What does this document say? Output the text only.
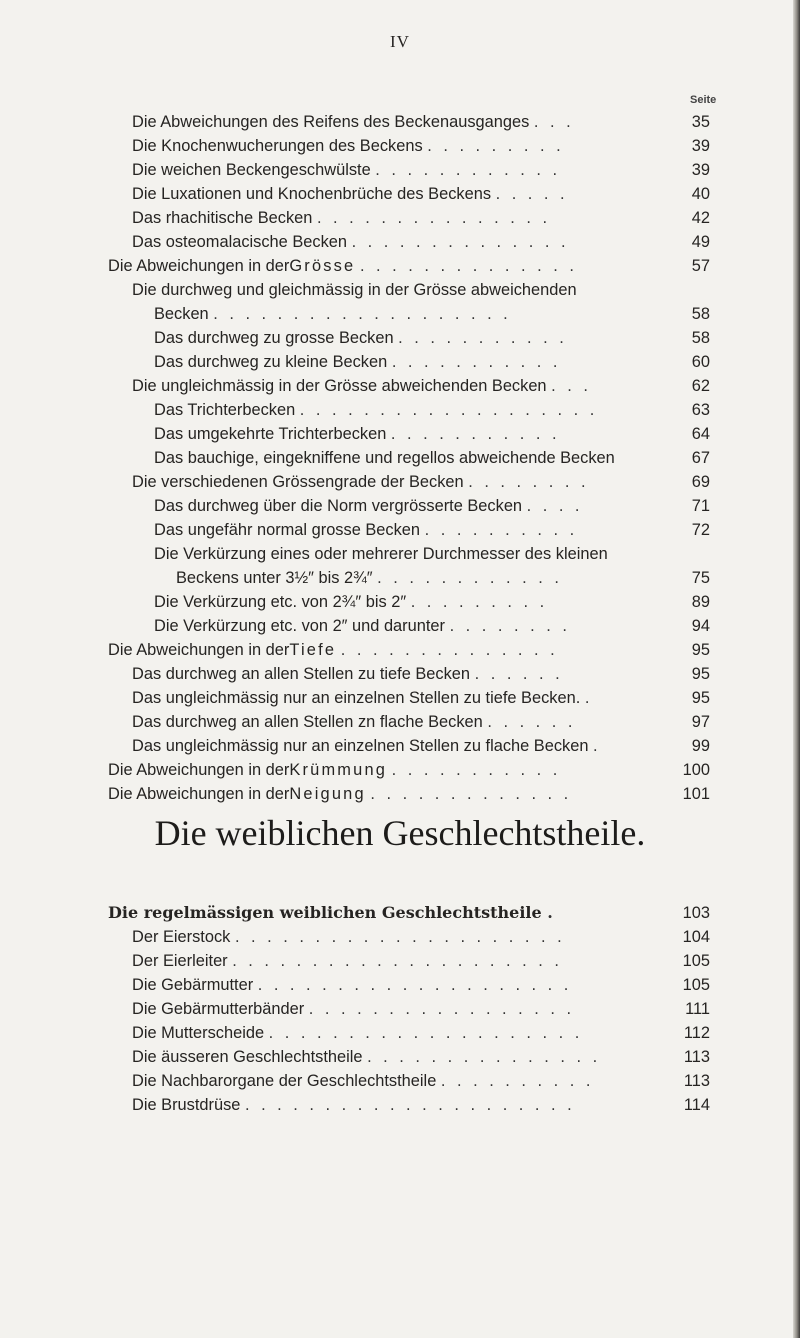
IV
Seite
Die Abweichungen des Reifens des Beckenausganges . . .	35
Die Knochenwucherungen des Beckens . . . . . . . . .	39
Die weichen Beckengeschwülste . . . . . . . . . . . .	39
Die Luxationen und Knochenbrüche des Beckens . . . . .	40
Das rhachitische Becken . . . . . . . . . . . . . . .	42
Das osteomalacische Becken . . . . . . . . . . . . . .	49
Die Abweichungen in derGrösse . . . . . . . . . . . . . .	57
Die durchweg und gleichmässig in der Grösse abweichenden
Becken . . . . . . . . . . . . . . . . . . .	58
Das durchweg zu grosse Becken . . . . . . . . . . .	58
Das durchweg zu kleine Becken . . . . . . . . . . .	60
Die ungleichmässig in der Grösse abweichenden Becken . . .	62
Das Trichterbecken . . . . . . . . . . . . . . . . . . .	63
Das umgekehrte Trichterbecken . . . . . . . . . . .	64
Das bauchige, eingekniffene und regellos abweichende Becken	67
Die verschiedenen Grössengrade der Becken . . . . . . . .	69
Das durchweg über die Norm vergrösserte Becken . . . .	71
Das ungefähr normal grosse Becken . . . . . . . . . .	72
Die Verkürzung eines oder mehrerer Durchmesser des kleinen
Beckens unter 3½″ bis 2¾″ . . . . . . . . . . . .	75
Die Verkürzung etc. von 2¾″ bis 2″ . . . . . . . . .	89
Die Verkürzung etc. von 2″ und darunter . . . . . . . .	94
Die Abweichungen in derTiefe . . . . . . . . . . . . . .	95
Das durchweg an allen Stellen zu tiefe Becken . . . . . .	95
Das ungleichmässig nur an einzelnen Stellen zu tiefe Becken. .	95
Das durchweg an allen Stellen zn flache Becken . . . . . .	97
Das ungleichmässig nur an einzelnen Stellen zu flache Becken .	99
Die Abweichungen in derKrümmung . . . . . . . . . . .	100
Die Abweichungen in derNeigung . . . . . . . . . . . . .	101
Die weiblichen Geschlechtstheile.
Die regelmässigen weiblichen Geschlechtstheile .	103
Der Eierstock . . . . . . . . . . . . . . . . . . . . .	104
Der Eierleiter . . . . . . . . . . . . . . . . . . . . .	105
Die Gebärmutter . . . . . . . . . . . . . . . . . . . .	105
Die Gebärmutterbänder . . . . . . . . . . . . . . . . .	111
Die Mutterscheide . . . . . . . . . . . . . . . . . . . .	112
Die äusseren Geschlechtstheile . . . . . . . . . . . . . . .	113
Die Nachbarorgane der Geschlechtstheile . . . . . . . . . .	113
Die Brustdrüse . . . . . . . . . . . . . . . . . . . . .	114
